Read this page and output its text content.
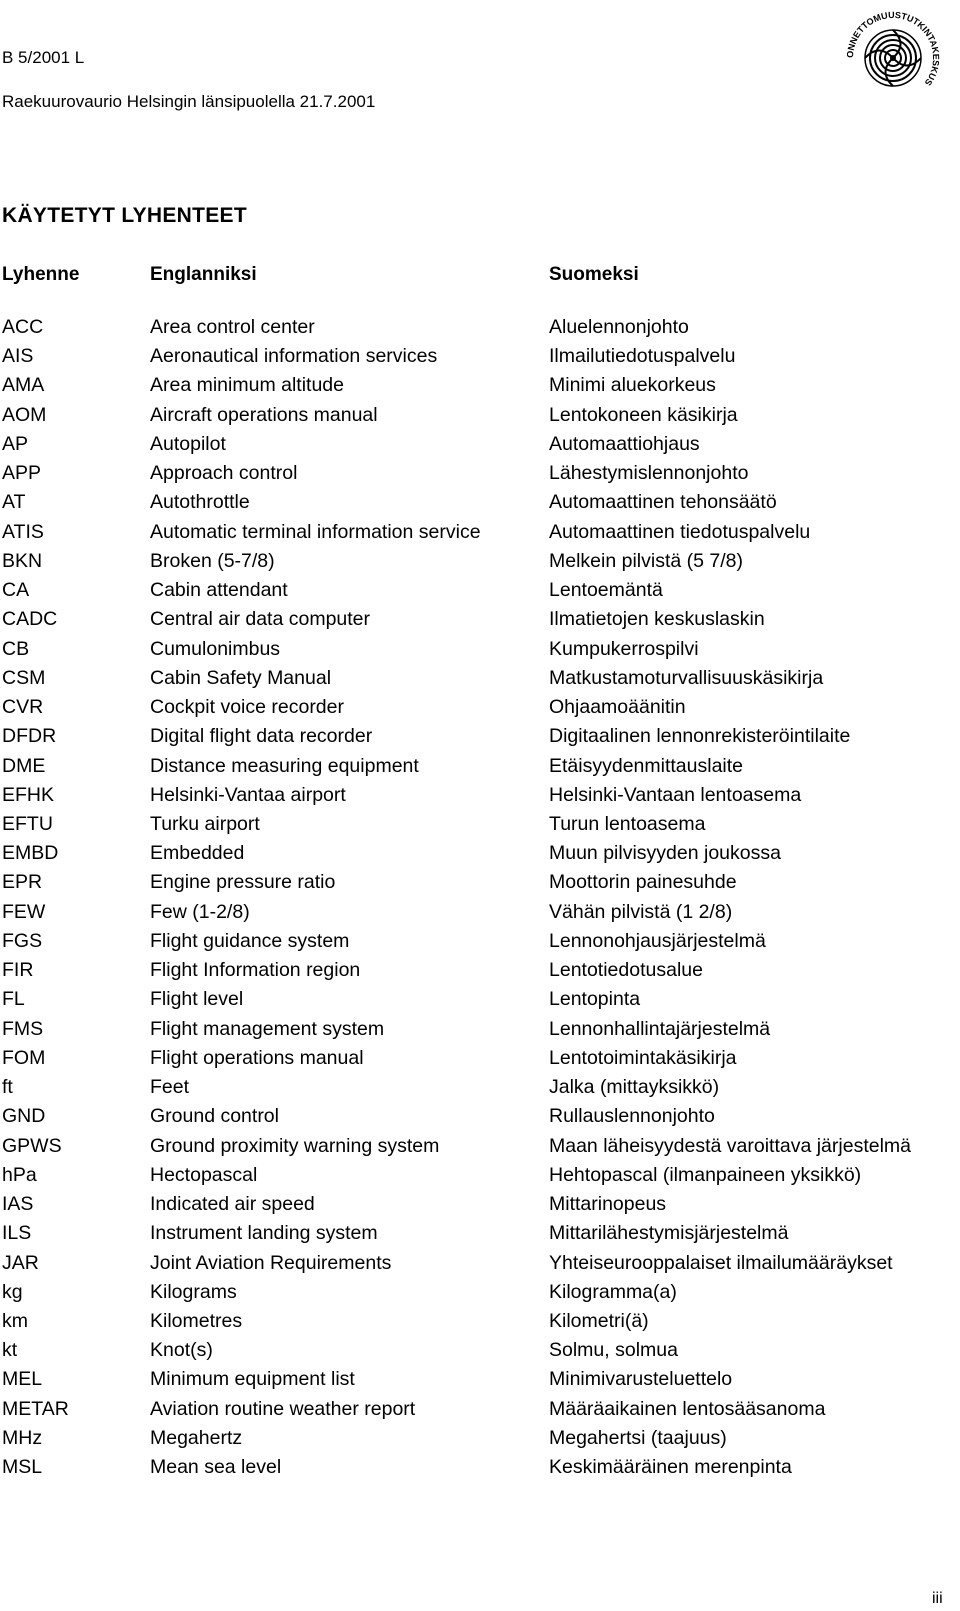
B 5/2001 L
Raekuurovaurio Helsingin länsipuolella 21.7.2001
ONNETTOMUUSTUTKINTAKESKUS
KÄYTETYT LYHENTEET
Lyhenne	Englanniksi	Suomeksi
ACC	Area control center	Aluelennonjohto
AIS	Aeronautical information services	Ilmailutiedotuspalvelu
AMA	Area minimum altitude	Minimi aluekorkeus
AOM	Aircraft operations manual	Lentokoneen käsikirja
AP	Autopilot	Automaattiohjaus
APP	Approach control	Lähestymislennonjohto
AT	Autothrottle	Automaattinen tehonsäätö
ATIS	Automatic terminal information service	Automaattinen tiedotuspalvelu
BKN	Broken (5-7/8)	Melkein pilvistä (5 7/8)
CA	Cabin attendant	Lentoemäntä
CADC	Central air data computer	Ilmatietojen keskuslaskin
CB	Cumulonimbus	Kumpukerrospilvi
CSM	Cabin Safety Manual	Matkustamoturvallisuuskäsikirja
CVR	Cockpit voice recorder	Ohjaamoäänitin
DFDR	Digital flight data recorder	Digitaalinen lennonrekisteröintilaite
DME	Distance measuring equipment	Etäisyydenmittauslaite
EFHK	Helsinki-Vantaa airport	Helsinki-Vantaan lentoasema
EFTU	Turku airport	Turun lentoasema
EMBD	Embedded	Muun pilvisyyden joukossa
EPR	Engine pressure ratio	Moottorin painesuhde
FEW	Few (1-2/8)	Vähän pilvistä (1 2/8)
FGS	Flight guidance system	Lennonohjausjärjestelmä
FIR	Flight Information region	Lentotiedotusalue
FL	Flight level	Lentopinta
FMS	Flight management system	Lennonhallintajärjestelmä
FOM	Flight operations manual	Lentotoimintakäsikirja
ft	Feet	Jalka (mittayksikkö)
GND	Ground control	Rullauslennonjohto
GPWS	Ground proximity warning system	Maan läheisyydestä varoittava järjestelmä
hPa	Hectopascal	Hehtopascal (ilmanpaineen yksikkö)
IAS	Indicated air speed	Mittarinopeus
ILS	Instrument landing system	Mittarilähestymisjärjestelmä
JAR	Joint Aviation Requirements	Yhteiseurooppalaiset ilmailumääräykset
kg	Kilograms	Kilogramma(a)
km	Kilometres	Kilometri(ä)
kt	Knot(s)	Solmu, solmua
MEL	Minimum equipment list	Minimivarusteluettelo
METAR	Aviation routine weather report	Määräaikainen lentosääsanoma
MHz	Megahertz	Megahertsi (taajuus)
MSL	Mean sea level	Keskimääräinen merenpinta
iii
